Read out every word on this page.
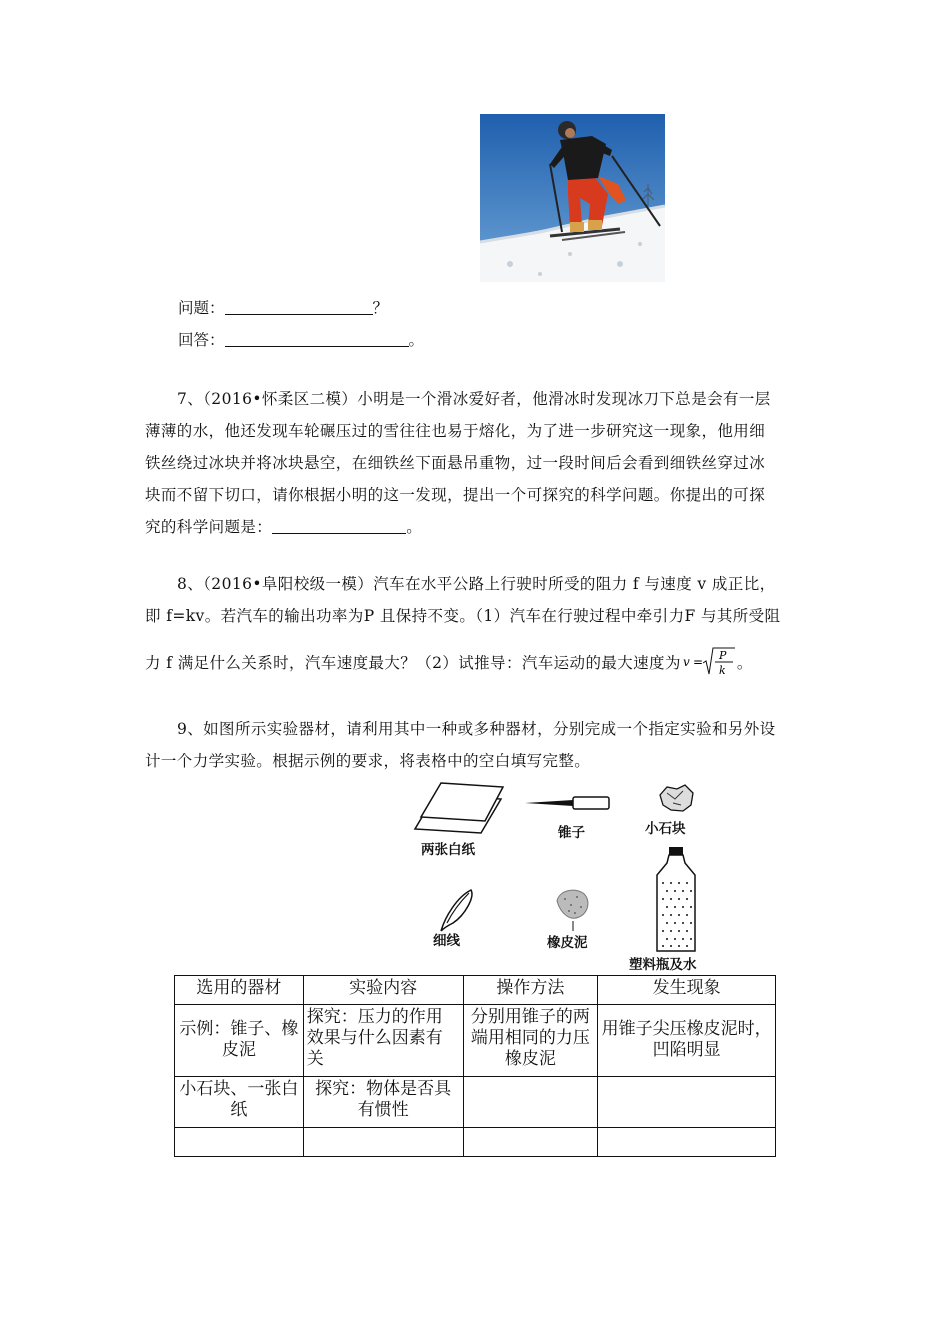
问题：	？
回答：	。
7、（2016•怀柔区二模）小明是一个滑冰爱好者，他滑冰时发现冰刀下总是会有一层
薄薄的水，他还发现车轮碾压过的雪往往也易于熔化，为了进一步研究这一现象，他用细
铁丝绕过冰块并将冰块悬空，在细铁丝下面悬吊重物，过一段时间后会看到细铁丝穿过冰
块而不留下切口，请你根据小明的这一发现，提出一个可探究的科学问题。你提出的可探
究的科学问题是：	。
8、（2016•阜阳校级一模）汽车在水平公路上行驶时所受的阻力 f 与速度 v 成正比，
即 f=kv。若汽车的输出功率为P 且保持不变。（1）汽车在行驶过程中牵引力F 与其所受阻
力 f 满足什么关系时，汽车速度最大？（2）试推导：汽车运动的最大速度为 v = P
k 。
9、如图所示实验器材，请利用其中一种或多种器材，分别完成一个指定实验和另外设
计一个力学实验。根据示例的要求，将表格中的空白填写完整。
两张白纸
锥子	小石块
细线	橡皮泥
塑料瓶及水
选用的器材	实验内容	操作方法	发生现象
示例：锥子、橡皮泥	探究：压力的作用效果与什么因素有关	分别用锥子的两端用相同的力压橡皮泥	用锥子尖压橡皮泥时，凹陷明显
小石块、一张白纸	探究：物体是否具有惯性		
